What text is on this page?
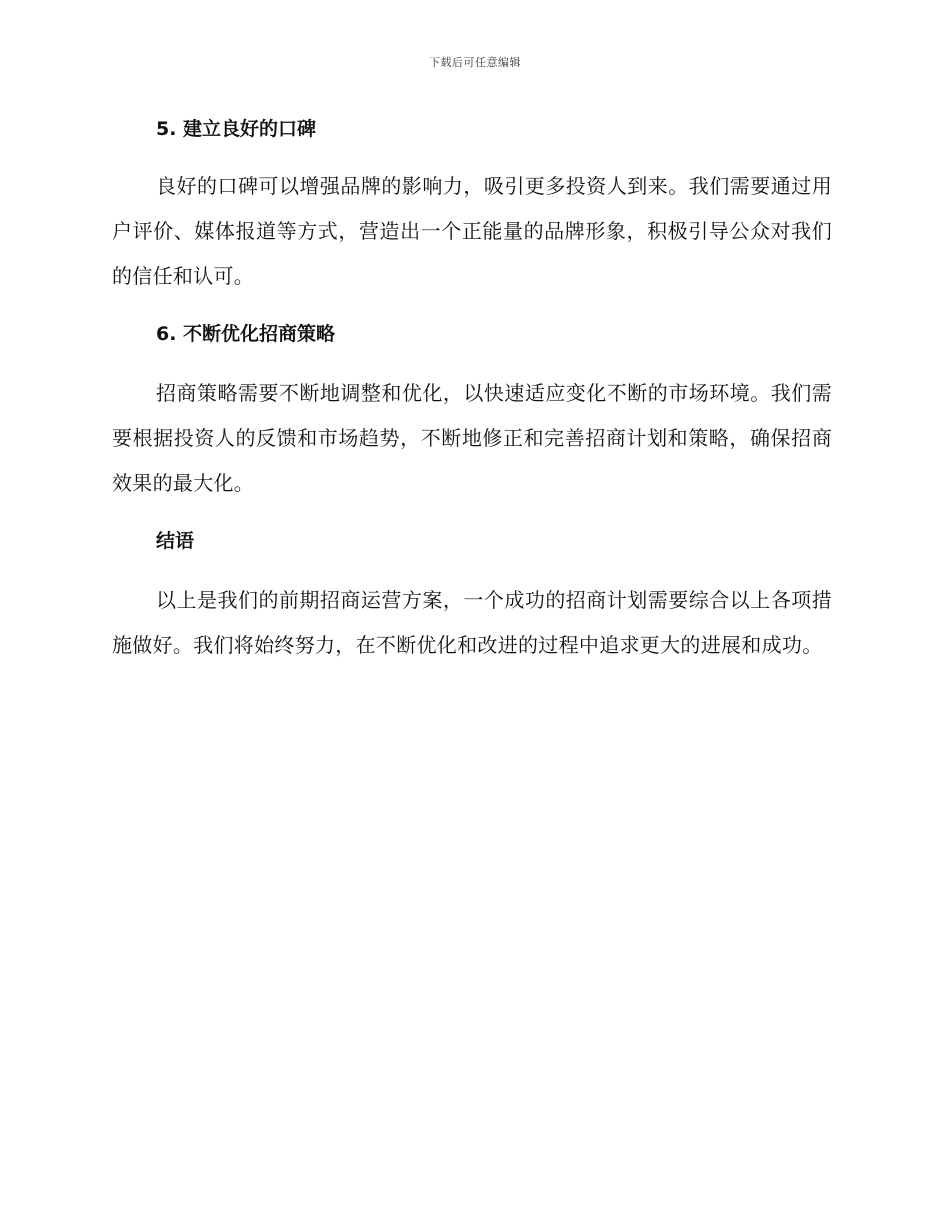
下载后可任意编辑
5. 建立良好的口碑

良好的口碑可以增强品牌的影响力，吸引更多投资人到来。我们需要通过用户评价、媒体报道等方式，营造出一个正能量的品牌形象，积极引导公众对我们的信任和认可。

6. 不断优化招商策略

招商策略需要不断地调整和优化，以快速适应变化不断的市场环境。我们需要根据投资人的反馈和市场趋势，不断地修正和完善招商计划和策略，确保招商效果的最大化。

结语

以上是我们的前期招商运营方案，一个成功的招商计划需要综合以上各项措施做好。我们将始终努力，在不断优化和改进的过程中追求更大的进展和成功。
